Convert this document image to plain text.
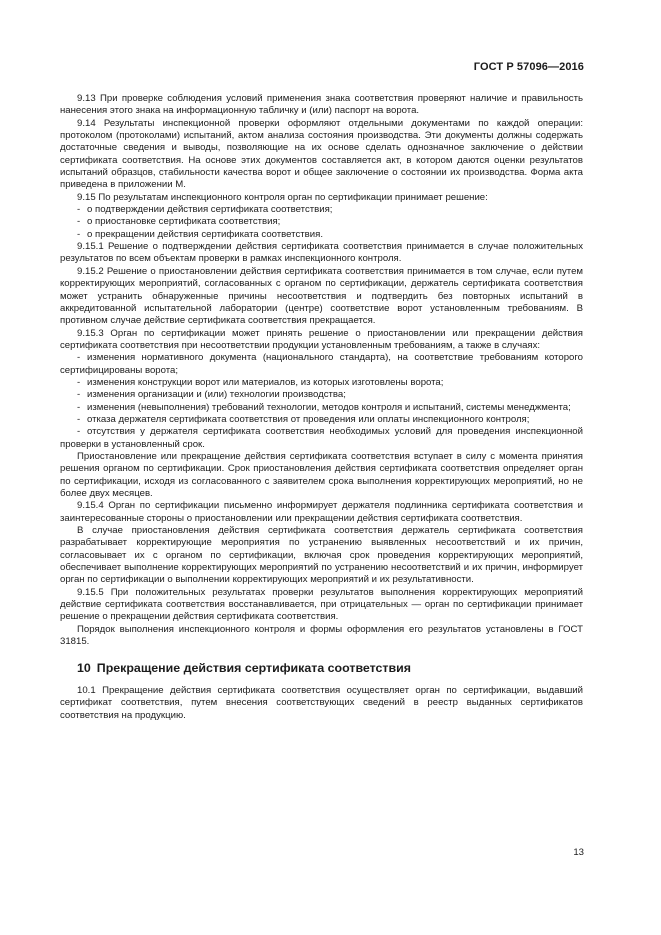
ГОСТ Р 57096—2016

9.13 При проверке соблюдения условий применения знака соответствия проверяют наличие и правильность нанесения этого знака на информационную табличку и (или) паспорт на ворота.

9.14 Результаты инспекционной проверки оформляют отдельными документами по каждой операции: протоколом (протоколами) испытаний, актом анализа состояния производства. Эти документы должны содержать достаточные сведения и выводы, позволяющие на их основе сделать однозначное заключение о действии сертификата соответствия. На основе этих документов составляется акт, в котором даются оценки результатов испытаний образцов, стабильности качества ворот и общее заключение о состоянии их производства. Форма акта приведена в приложении М.

9.15 По результатам инспекционного контроля орган по сертификации принимает решение:

- о подтверждении действия сертификата соответствия;

- о приостановке сертификата соответствия;

- о прекращении действия сертификата соответствия.

9.15.1 Решение о подтверждении действия сертификата соответствия принимается в случае положительных результатов по всем объектам проверки в рамках инспекционного контроля.

9.15.2 Решение о приостановлении действия сертификата соответствия принимается в том случае, если путем корректирующих мероприятий, согласованных с органом по сертификации, держатель сертификата соответствия может устранить обнаруженные причины несоответствия и подтвердить без повторных испытаний в аккредитованной испытательной лаборатории (центре) соответствие ворот установленным требованиям. В противном случае действие сертификата соответствия прекращается.

9.15.3 Орган по сертификации может принять решение о приостановлении или прекращении действия сертификата соответствия при несоответствии продукции установленным требованиям, а также в случаях:

- изменения нормативного документа (национального стандарта), на соответствие требованиям которого сертифицированы ворота;

- изменения конструкции ворот или материалов, из которых изготовлены ворота;

- изменения организации и (или) технологии производства;

- изменения (невыполнения) требований технологии, методов контроля и испытаний, системы менеджмента;

- отказа держателя сертификата соответствия от проведения или оплаты инспекционного контроля;

- отсутствия у держателя сертификата соответствия необходимых условий для проведения инспекционной проверки в установленный срок.

Приостановление или прекращение действия сертификата соответствия вступает в силу с момента принятия решения органом по сертификации. Срок приостановления действия сертификата соответствия определяет орган по сертификации, исходя из согласованного с заявителем срока выполнения корректирующих мероприятий, но не более двух месяцев.

9.15.4 Орган по сертификации письменно информирует держателя подлинника сертификата соответствия и заинтересованные стороны о приостановлении или прекращении действия сертификата соответствия.

В случае приостановления действия сертификата соответствия держатель сертификата соответствия разрабатывает корректирующие мероприятия по устранению выявленных несоответствий и их причин, согласовывает их с органом по сертификации, включая срок проведения корректирующих мероприятий, обеспечивает выполнение корректирующих мероприятий по устранению несоответствий и их причин, информирует орган по сертификации о выполнении корректирующих мероприятий и их результативности.

9.15.5 При положительных результатах проверки результатов выполнения корректирующих мероприятий действие сертификата соответствия восстанавливается, при отрицательных — орган по сертификации принимает решение о прекращении действия сертификата соответствия.

Порядок выполнения инспекционного контроля и формы оформления его результатов установлены в ГОСТ 31815.

10 Прекращение действия сертификата соответствия

10.1 Прекращение действия сертификата соответствия осуществляет орган по сертификации, выдавший сертификат соответствия, путем внесения соответствующих сведений в реестр выданных сертификатов соответствия на продукцию.

13
